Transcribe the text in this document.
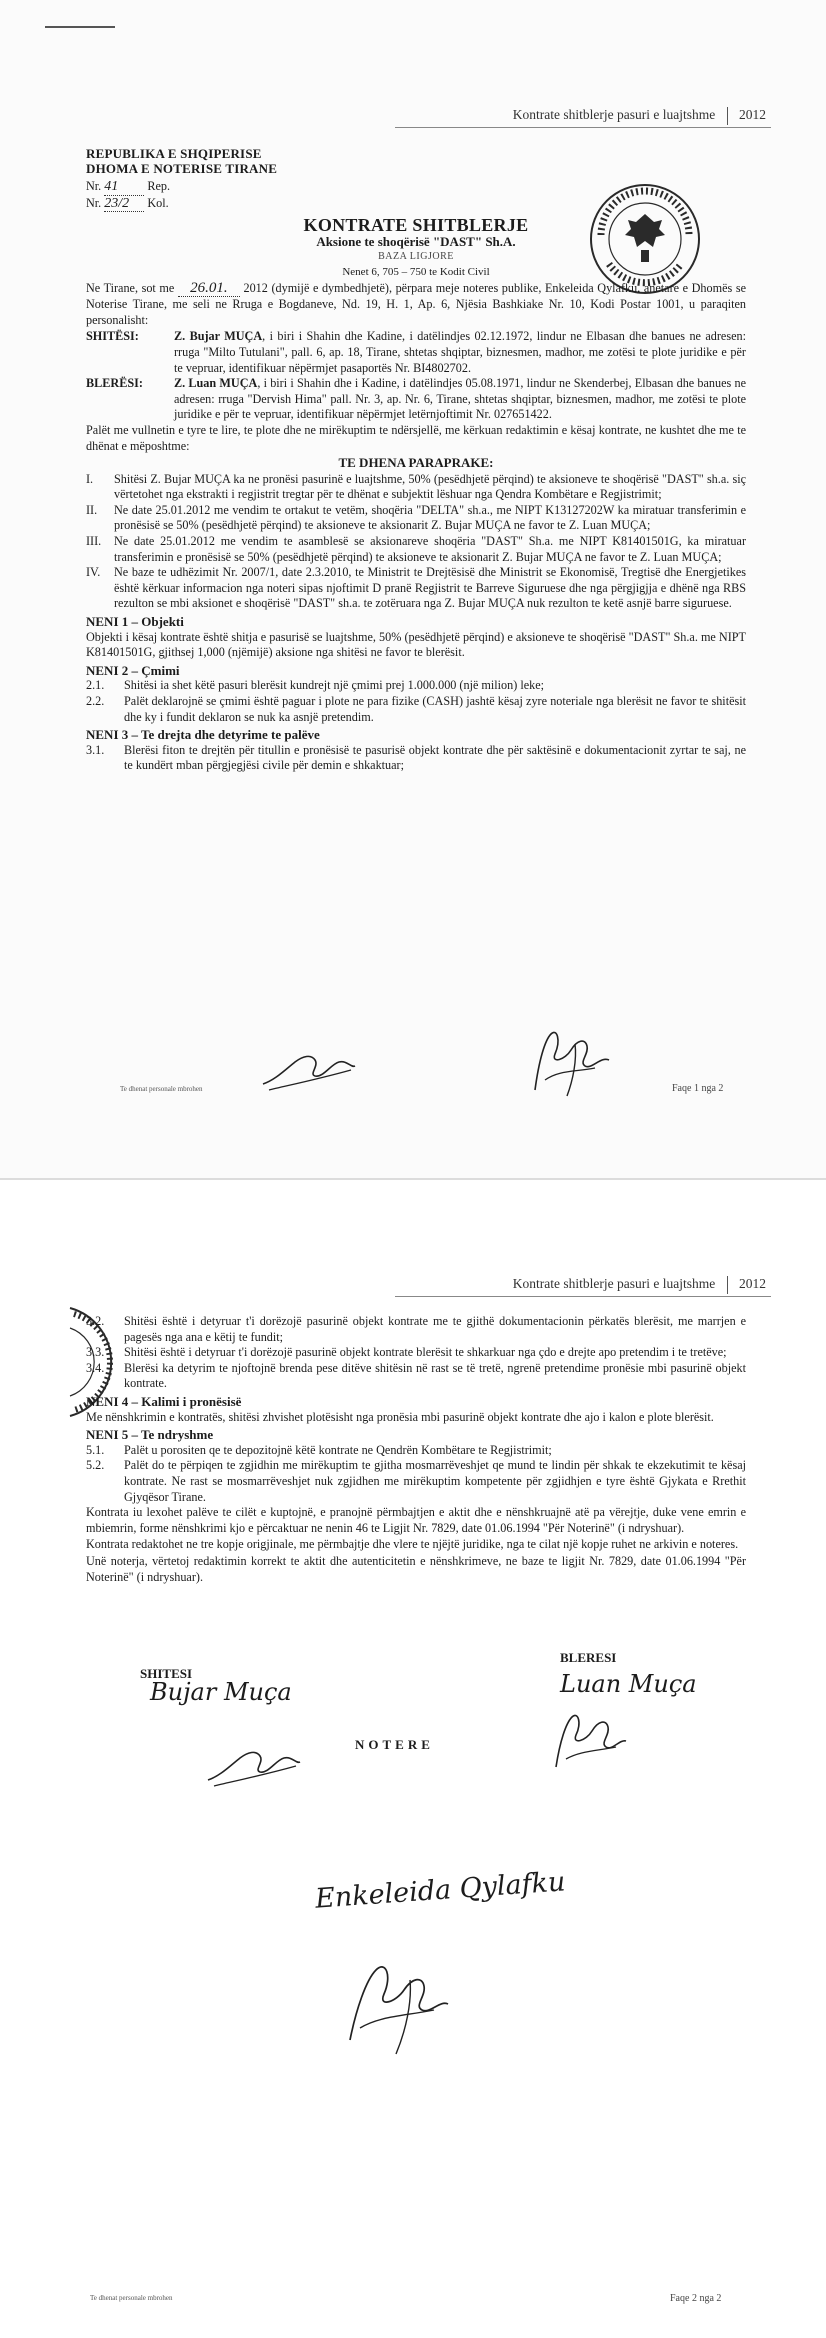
Kontrate shitblerje pasuri e luajtshme 2012
REPUBLIKA E SHQIPERISE
DHOMA E NOTERISE TIRANE
Nr. 41 Rep.
Nr. 23/2 Kol.
KONTRATE SHITBLERJE
Aksione te shoqërisë "DAST" Sh.A.
BAZA LIGJORE
Nenet 6, 705 – 750 te Kodit Civil

Ne Tirane, sot me 26.01. 2012 (dymijë e dymbedhjetë), përpara meje noteres publike, Enkeleida Qylafku, anetare e Dhomës se Noterise Tirane, me seli ne Rruga e Bogdaneve, Nd. 19, H. 1, Ap. 6, Njësia Bashkiake Nr. 10, Kodi Postar 1001, u paraqiten personalisht:

SHITËSI:	Z. Bujar MUÇA, i biri i Shahin dhe Kadine, i datëlindjes 02.12.1972, lindur ne Elbasan dhe banues ne adresen: rruga "Milto Tutulani", pall. 6, ap. 18, Tirane, shtetas shqiptar, biznesmen, madhor, me zotësi te plote juridike e për te vepruar, identifikuar nëpërmjet pasaportës Nr. BI4802702.
BLERËSI:	Z. Luan MUÇA, i biri i Shahin dhe i Kadine, i datëlindjes 05.08.1971, lindur ne Skenderbej, Elbasan dhe banues ne adresen: rruga "Dervish Hima" pall. Nr. 3, ap. Nr. 6, Tirane, shtetas shqiptar, biznesmen, madhor, me zotësi te plote juridike e për te vepruar, identifikuar nëpërmjet letërnjoftimit Nr. 027651422.

Palët me vullnetin e tyre te lire, te plote dhe ne mirëkuptim te ndërsjellë, me kërkuan redaktimin e kësaj kontrate, ne kushtet dhe me te dhënat e mëposhtme:

TE DHENA PARAPRAKE:
I.	Shitësi Z. Bujar MUÇA ka ne pronësi pasurinë e luajtshme, 50% (pesëdhjetë përqind) te aksioneve te shoqërisë "DAST" sh.a. siç vërtetohet nga ekstrakti i regjistrit tregtar për te dhënat e subjektit lëshuar nga Qendra Kombëtare e Regjistrimit;
II.	Ne date 25.01.2012 me vendim te ortakut te vetëm, shoqëria "DELTA" sh.a., me NIPT K13127202W ka miratuar transferimin e pronësisë se 50% (pesëdhjetë përqind) te aksioneve te aksionarit Z. Bujar MUÇA ne favor te Z. Luan MUÇA;
III.	Ne date 25.01.2012 me vendim te asamblesë se aksionareve shoqëria "DAST" Sh.a. me NIPT K81401501G, ka miratuar transferimin e pronësisë se 50% (pesëdhjetë përqind) te aksioneve te aksionarit Z. Bujar MUÇA ne favor te Z. Luan MUÇA;
IV.	Ne baze te udhëzimit Nr. 2007/1, date 2.3.2010, te Ministrit te Drejtësisë dhe Ministrit se Ekonomisë, Tregtisë dhe Energjetikes është kërkuar informacion nga noteri sipas njoftimit D pranë Regjistrit te Barreve Siguruese dhe nga përgjigjja e dhënë nga RBS rezulton se mbi aksionet e shoqërisë "DAST" sh.a. te zotëruara nga Z. Bujar MUÇA nuk rezulton te ketë asnjë barre siguruese.
NENI 1 – Objekti

Objekti i kësaj kontrate është shitja e pasurisë se luajtshme, 50% (pesëdhjetë përqind) e aksioneve te shoqërisë "DAST" Sh.a. me NIPT K81401501G, gjithsej 1,000 (njëmijë) aksione nga shitësi ne favor te blerësit.

NENI 2 – Çmimi
2.1.	Shitësi ia shet këtë pasuri blerësit kundrejt një çmimi prej 1.000.000 (një milion) leke;
2.2.	Palët deklarojnë se çmimi është paguar i plote ne para fizike (CASH) jashtë kësaj zyre noteriale nga blerësit ne favor te shitësit dhe ky i fundit deklaron se nuk ka asnjë pretendim.
NENI 3 – Te drejta dhe detyrime te palëve
3.1.	Blerësi fiton te drejtën për titullin e pronësisë te pasurisë objekt kontrate dhe për saktësinë e dokumentacionit zyrtar te saj, ne te kundërt mban përgjegjësi civile për demin e shkaktuar;
Te dhenat personale mbrohen	Faqe 1 nga 2
Kontrate shitblerje pasuri e luajtshme 2012
3.2.	Shitësi është i detyruar t'i dorëzojë pasurinë objekt kontrate me te gjithë dokumentacionin përkatës blerësit, me marrjen e pagesës nga ana e këtij te fundit;
3.3.	Shitësi është i detyruar t'i dorëzojë pasurinë objekt kontrate blerësit te shkarkuar nga çdo e drejte apo pretendim i te tretëve;
3.4.	Blerësi ka detyrim te njoftojnë brenda pese ditëve shitësin në rast se të tretë, ngrenë pretendime pronësie mbi pasurinë objekt kontrate.
NENI 4 – Kalimi i pronësisë

Me nënshkrimin e kontratës, shitësi zhvishet plotësisht nga pronësia mbi pasurinë objekt kontrate dhe ajo i kalon e plote blerësit.

NENI 5 – Te ndryshme
5.1.	Palët u porositen qe te depozitojnë këtë kontrate ne Qendrën Kombëtare te Regjistrimit;
5.2.	Palët do te përpiqen te zgjidhin me mirëkuptim te gjitha mosmarrëveshjet qe mund te lindin për shkak te ekzekutimit te kësaj kontrate. Ne rast se mosmarrëveshjet nuk zgjidhen me mirëkuptim kompetente për zgjidhjen e tyre është Gjykata e Rrethit Gjyqësor Tirane.

Kontrata iu lexohet palëve te cilët e kuptojnë, e pranojnë përmbajtjen e aktit dhe e nënshkruajnë atë pa vërejtje, duke vene emrin e mbiemrin, forme nënshkrimi kjo e përcaktuar ne nenin 46 te Ligjit Nr. 7829, date 01.06.1994 "Për Noterinë" (i ndryshuar).

Kontrata redaktohet ne tre kopje origjinale, me përmbajtje dhe vlere te njëjtë juridike, nga te cilat një kopje ruhet ne arkivin e noteres.

Unë noterja, vërtetoj redaktimin korrekt te aktit dhe autenticitetin e nënshkrimeve, ne baze te ligjit Nr. 7829, date 01.06.1994 "Për Noterinë" (i ndryshuar).

SHITESI
BLERESI
Bujar Muça
NOTERE
Luan Muça
Enkeleida Qylafku
Te dhenat personale mbrohen	Faqe 2 nga 2
